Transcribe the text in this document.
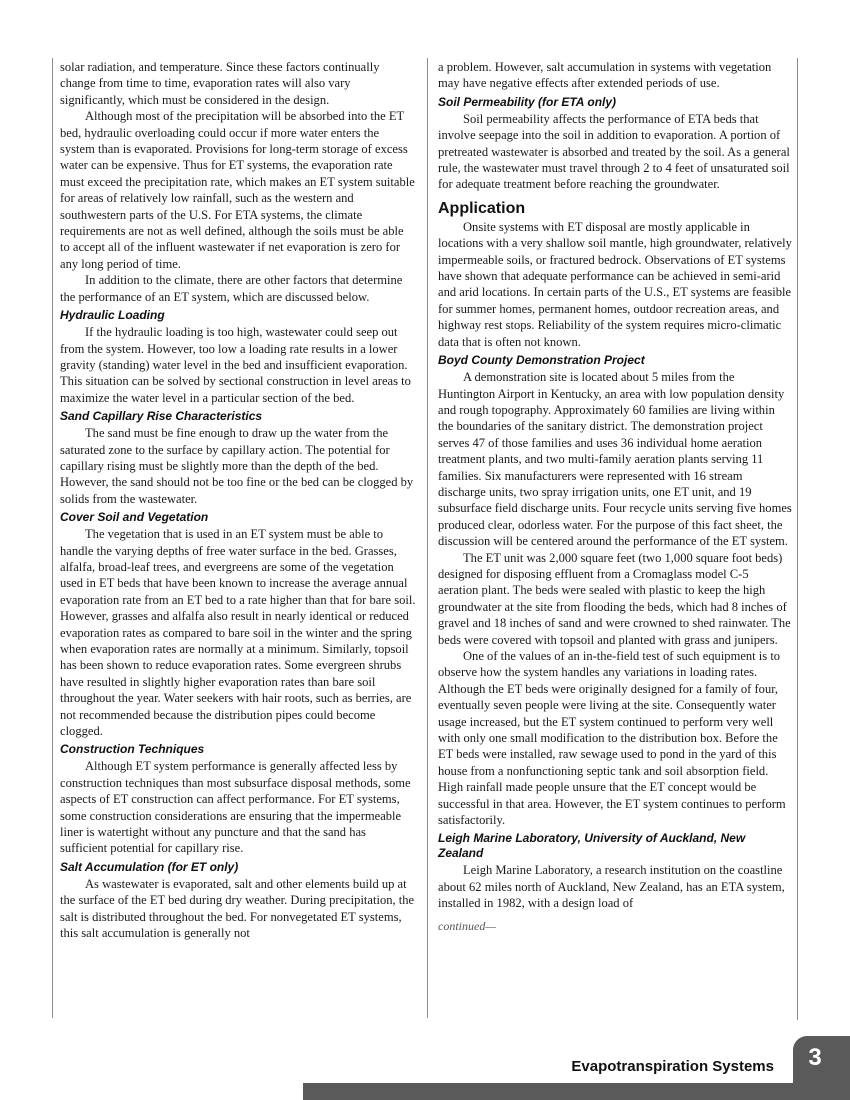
solar radiation, and temperature. Since these factors continually change from time to time, evaporation rates will also vary significantly, which must be considered in the design.

Although most of the precipitation will be absorbed into the ET bed, hydraulic overloading could occur if more water enters the system than is evaporated. Provisions for long-term storage of excess water can be expensive. Thus for ET systems, the evaporation rate must exceed the precipitation rate, which makes an ET system suitable for areas of relatively low rainfall, such as the western and southwestern parts of the U.S. For ETA systems, the climate requirements are not as well defined, although the soils must be able to accept all of the influent wastewater if net evaporation is zero for any long period of time.

In addition to the climate, there are other factors that determine the performance of an ET system, which are discussed below.

Hydraulic Loading

If the hydraulic loading is too high, wastewater could seep out from the system. However, too low a loading rate results in a lower gravity (standing) water level in the bed and insufficient evaporation. This situation can be solved by sectional construction in level areas to maximize the water level in a particular section of the bed.

Sand Capillary Rise Characteristics

The sand must be fine enough to draw up the water from the saturated zone to the surface by capillary action. The potential for capillary rising must be slightly more than the depth of the bed. However, the sand should not be too fine or the bed can be clogged by solids from the wastewater.

Cover Soil and Vegetation

The vegetation that is used in an ET system must be able to handle the varying depths of free water surface in the bed. Grasses, alfalfa, broad-leaf trees, and evergreens are some of the vegetation used in ET beds that have been known to increase the average annual evaporation rate from an ET bed to a rate higher than that for bare soil. However, grasses and alfalfa also result in nearly identical or reduced evaporation rates as compared to bare soil in the winter and the spring when evaporation rates are normally at a minimum. Similarly, topsoil has been shown to reduce evaporation rates. Some evergreen shrubs have resulted in slightly higher evaporation rates than bare soil throughout the year. Water seekers with hair roots, such as berries, are not recommended because the distribution pipes could become clogged.

Construction Techniques

Although ET system performance is generally affected less by construction techniques than most subsurface disposal methods, some aspects of ET construction can affect performance. For ET systems, some construction considerations are ensuring that the impermeable liner is watertight without any puncture and that the sand has sufficient potential for capillary rise.

Salt Accumulation (for ET only)

As wastewater is evaporated, salt and other elements build up at the surface of the ET bed during dry weather. During precipitation, the salt is distributed throughout the bed. For nonvegetated ET systems, this salt accumulation is generally not

a problem. However, salt accumulation in systems with vegetation may have negative effects after extended periods of use.

Soil Permeability (for ETA only)

Soil permeability affects the performance of ETA beds that involve seepage into the soil in addition to evaporation. A portion of pretreated wastewater is absorbed and treated by the soil. As a general rule, the wastewater must travel through 2 to 4 feet of unsaturated soil for adequate treatment before reaching the groundwater.

Application

Onsite systems with ET disposal are mostly applicable in locations with a very shallow soil mantle, high groundwater, relatively impermeable soils, or fractured bedrock. Observations of ET systems have shown that adequate performance can be achieved in semi-arid and arid locations. In certain parts of the U.S., ET systems are feasible for summer homes, permanent homes, outdoor recreation areas, and highway rest stops. Reliability of the system requires micro-climatic data that is often not known.

Boyd County Demonstration Project

A demonstration site is located about 5 miles from the Huntington Airport in Kentucky, an area with low population density and rough topography. Approximately 60 families are living within the boundaries of the sanitary district. The demonstration project serves 47 of those families and uses 36 individual home aeration treatment plants, and two multi-family aeration plants serving 11 families. Six manufacturers were represented with 16 stream discharge units, two spray irrigation units, one ET unit, and 19 subsurface field discharge units. Four recycle units serving five homes produced clear, odorless water. For the purpose of this fact sheet, the discussion will be centered around the performance of the ET system.

The ET unit was 2,000 square feet (two 1,000 square foot beds) designed for disposing effluent from a Cromaglass model C-5 aeration plant. The beds were sealed with plastic to keep the high groundwater at the site from flooding the beds, which had 8 inches of gravel and 18 inches of sand and were crowned to shed rainwater. The beds were covered with topsoil and planted with grass and junipers.

One of the values of an in-the-field test of such equipment is to observe how the system handles any variations in loading rates. Although the ET beds were originally designed for a family of four, eventually seven people were living at the site. Consequently water usage increased, but the ET system continued to perform very well with only one small modification to the distribution box. Before the ET beds were installed, raw sewage used to pond in the yard of this house from a nonfunctioning septic tank and soil absorption field. High rainfall made people unsure that the ET concept would be successful in that area. However, the ET system continues to perform satisfactorily.

Leigh Marine Laboratory, University of Auckland, New Zealand

Leigh Marine Laboratory, a research institution on the coastline about 62 miles north of Auckland, New Zealand, has an ETA system, installed in 1982, with a design load of

continued—
Evapotranspiration Systems	3
